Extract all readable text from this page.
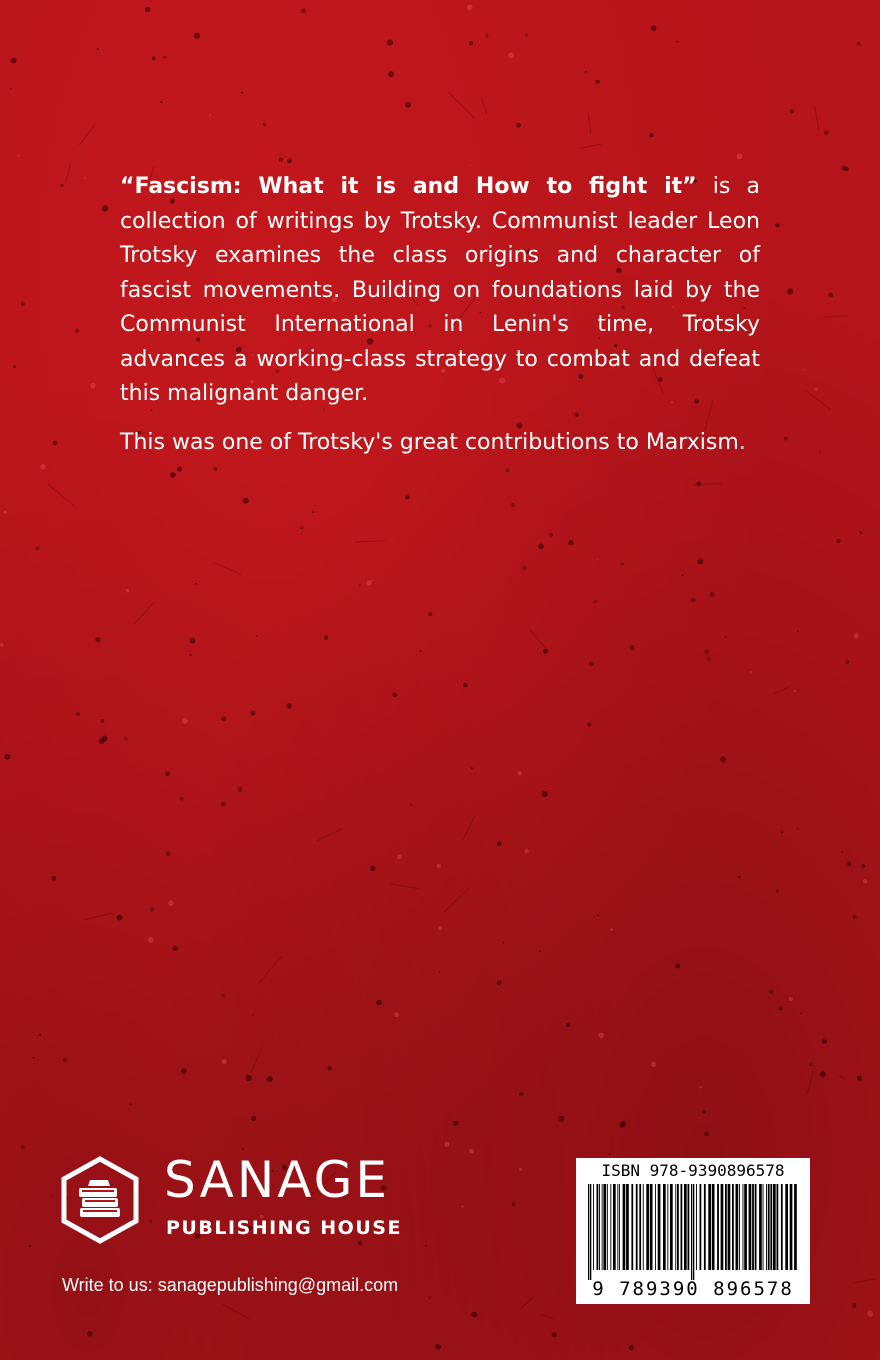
“Fascism: What it is and How to fight it” is a collection of writings by Trotsky. Communist leader Leon Trotsky examines the class origins and character of fascist movements. Building on foundations laid by the Communist International in Lenin's time, Trotsky advances a working-class strategy to combat and defeat this malignant danger.

This was one of Trotsky's great contributions to Marxism.

SANAGE
PUBLISHING HOUSE
Write to us: sanagepublishing@gmail.com
ISBN 978-9390896578
9 789390 896578
